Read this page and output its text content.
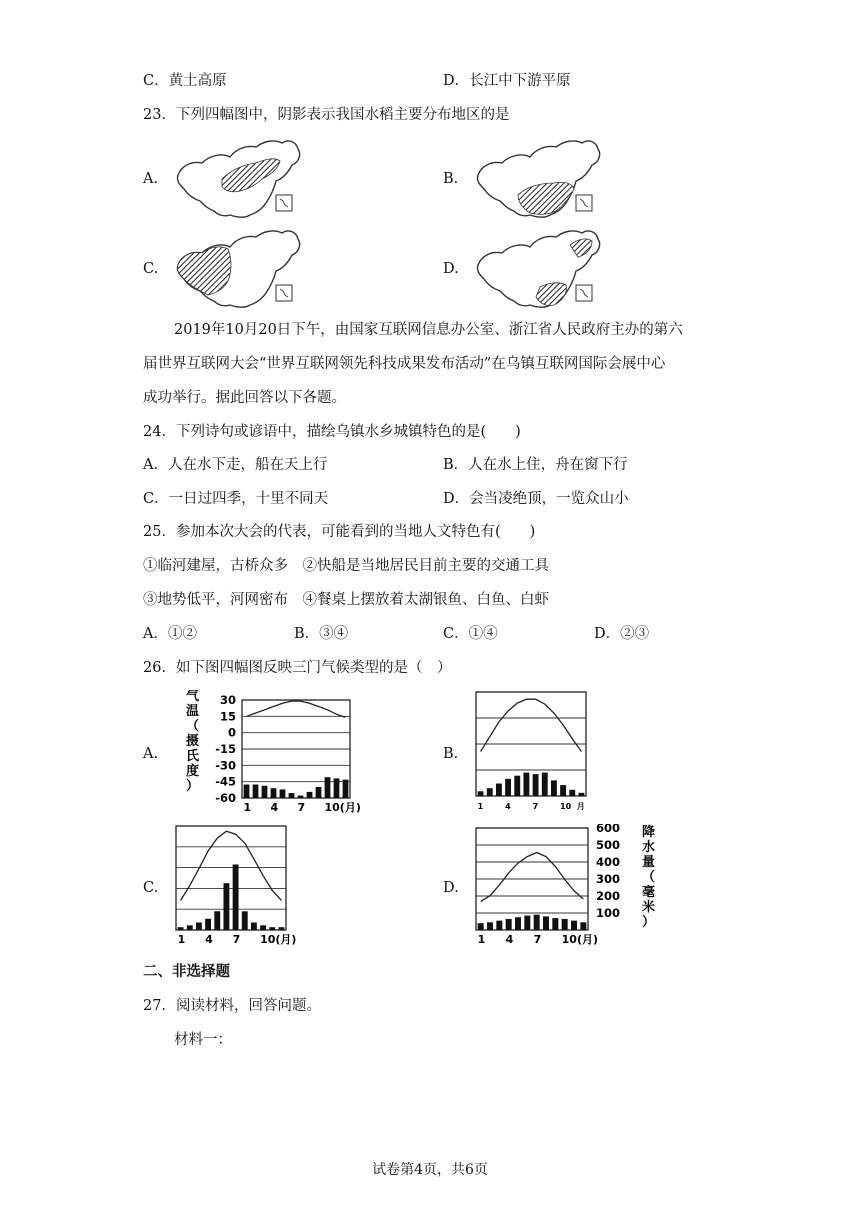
C．黄土高原	D．长江中下游平原
23．下列四幅图中，阴影表示我国水稻主要分布地区的是
A.	B.
C.	D.
2019年10月20日下午，由国家互联网信息办公室、浙江省人民政府主办的第六
届世界互联网大会“世界互联网领先科技成果发布活动”在乌镇互联网国际会展中心
成功举行。据此回答以下各题。
24．下列诗句或谚语中，描绘乌镇水乡城镇特色的是(　　)
A．人在水下走，船在天上行	B．人在水上住，舟在窗下行
C．一日过四季，十里不同天	D．会当凌绝顶，一览众山小
25．参加本次大会的代表，可能看到的当地人文特色有(　　)
①临河建屋，古桥众多　②快船是当地居民目前主要的交通工具
③地势低平，河网密布　④餐桌上摆放着太湖银鱼、白鱼、白虾
A．①②	B．③④	C．①④	D．②③
26．如下图四幅图反映三门气候类型的是（　）
A.	B.
C.	D.
气
温
（
摄
氏
度
）
30
15
0
-15
-30
-45
-60
1 4 7 10(月)	1	4	7	10 月
1 4 7 10(月)	1 4 7 10(月)
600
500
400
300
200
100
降
水
量
（
毫
米
）
二、非选择题
27．阅读材料，回答问题。
材料一：
试卷第4页，共6页
